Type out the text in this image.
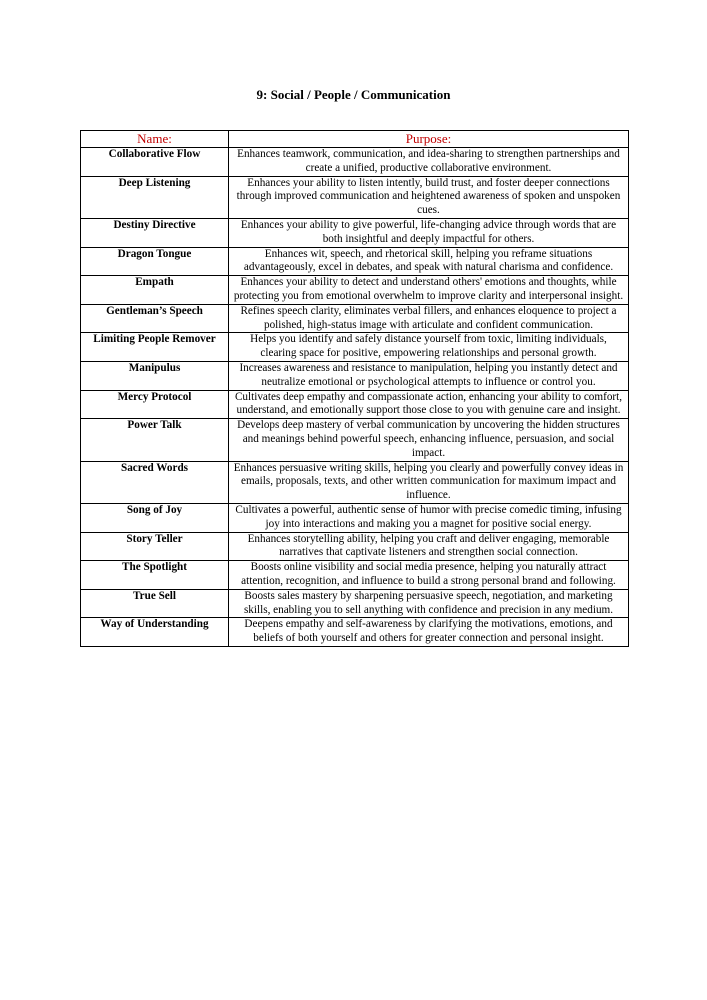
9: Social / People / Communication
Name:	Purpose:
Collaborative Flow	Enhances teamwork, communication, and idea-sharing to strengthen partnerships and create a unified, productive collaborative environment.
Deep Listening	Enhances your ability to listen intently, build trust, and foster deeper connections through improved communication and heightened awareness of spoken and unspoken cues.
Destiny Directive	Enhances your ability to give powerful, life-changing advice through words that are both insightful and deeply impactful for others.
Dragon Tongue	Enhances wit, speech, and rhetorical skill, helping you reframe situations advantageously, excel in debates, and speak with natural charisma and confidence.
Empath	Enhances your ability to detect and understand others' emotions and thoughts, while protecting you from emotional overwhelm to improve clarity and interpersonal insight.
Gentleman’s Speech	Refines speech clarity, eliminates verbal fillers, and enhances eloquence to project a polished, high-status image with articulate and confident communication.
Limiting People Remover	Helps you identify and safely distance yourself from toxic, limiting individuals, clearing space for positive, empowering relationships and personal growth.
Manipulus	Increases awareness and resistance to manipulation, helping you instantly detect and neutralize emotional or psychological attempts to influence or control you.
Mercy Protocol	Cultivates deep empathy and compassionate action, enhancing your ability to comfort, understand, and emotionally support those close to you with genuine care and insight.
Power Talk	Develops deep mastery of verbal communication by uncovering the hidden structures and meanings behind powerful speech, enhancing influence, persuasion, and social impact.
Sacred Words	Enhances persuasive writing skills, helping you clearly and powerfully convey ideas in emails, proposals, texts, and other written communication for maximum impact and influence.
Song of Joy	Cultivates a powerful, authentic sense of humor with precise comedic timing, infusing joy into interactions and making you a magnet for positive social energy.
Story Teller	Enhances storytelling ability, helping you craft and deliver engaging, memorable narratives that captivate listeners and strengthen social connection.
The Spotlight	Boosts online visibility and social media presence, helping you naturally attract attention, recognition, and influence to build a strong personal brand and following.
True Sell	Boosts sales mastery by sharpening persuasive speech, negotiation, and marketing skills, enabling you to sell anything with confidence and precision in any medium.
Way of Understanding	Deepens empathy and self-awareness by clarifying the motivations, emotions, and beliefs of both yourself and others for greater connection and personal insight.
